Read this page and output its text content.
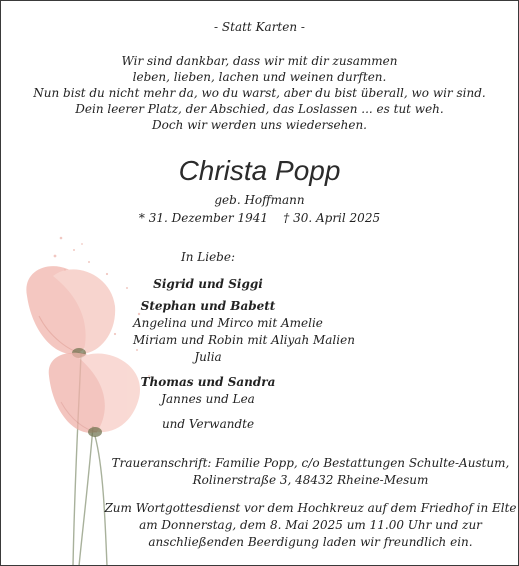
- Statt Karten -
Wir sind dankbar, dass wir mit dir zusammen
leben, lieben, lachen und weinen durften.
Nun bist du nicht mehr da, wo du warst, aber du bist überall, wo wir sind.
Dein leerer Platz, der Abschied, das Loslassen ... es tut weh.
Doch wir werden uns wiedersehen.
Christa Popp
geb. Hoffmann
* 31. Dezember 1941    † 30. April 2025
In Liebe:
Sigrid und Siggi
Stephan und Babett
Angelina und Mirco mit Amelie
Miriam und Robin mit Aliyah Malien
Julia
Thomas und Sandra
Jannes und Lea
und Verwandte
Traueranschrift: Familie Popp, c/o Bestattungen Schulte-Austum,
Rolinerstraße 3, 48432 Rheine-Mesum
Zum Wortgottesdienst vor dem Hochkreuz auf dem Friedhof in Elte
am Donnerstag, dem 8. Mai 2025 um 11.00 Uhr und zur
anschließenden Beerdigung laden wir freundlich ein.
